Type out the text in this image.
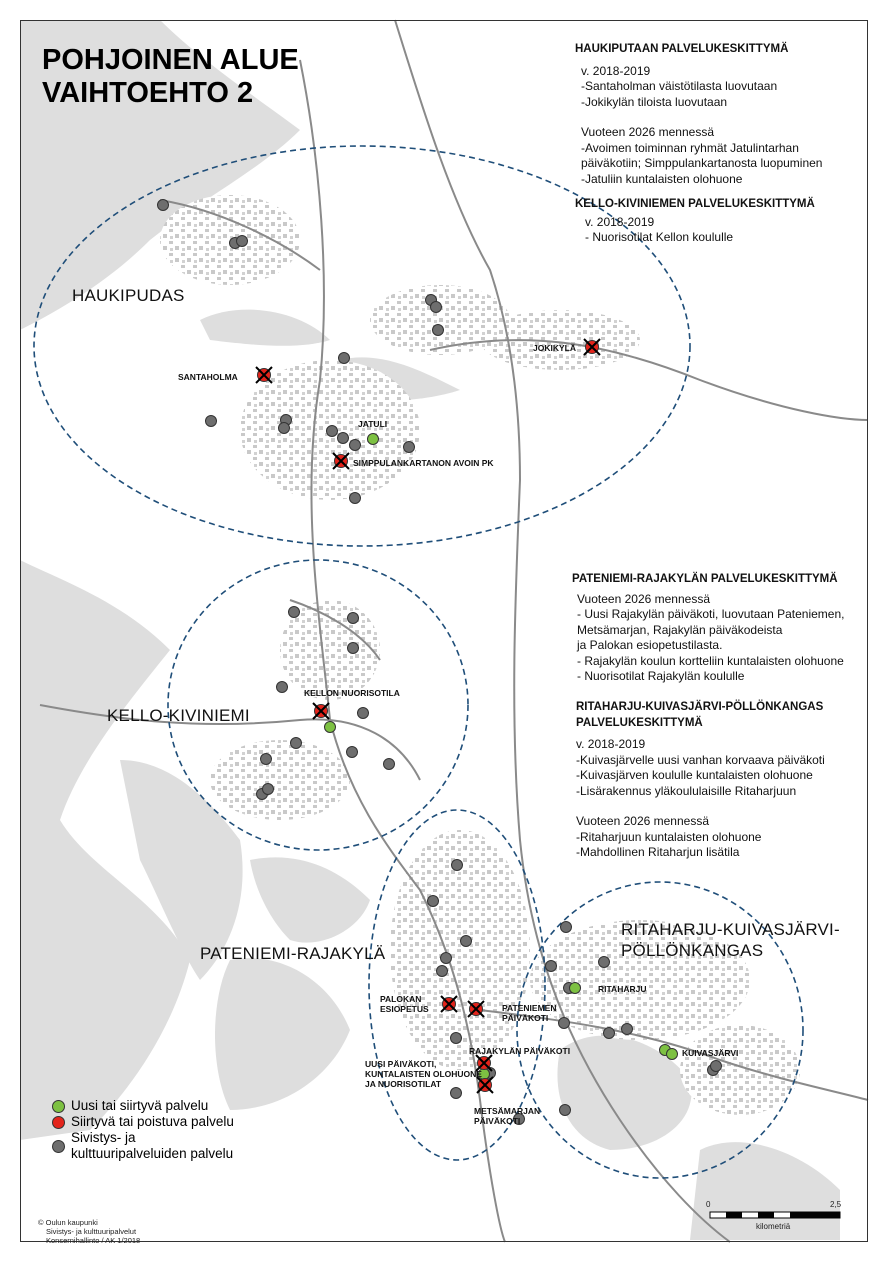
POHJOINEN ALUE
VAIHTOEHTO 2
HAUKIPUDAS
KELLO-KIVINIEMI
PATENIEMI-RAJAKYLÄ
RITAHARJU-KUIVASJÄRVI-
PÖLLÖNKANGAS
SANTAHOLMA
JOKIKYLÄ
JATULI
SIMPPULANKARTANON AVOIN PK
KELLON NUORISOTILA
PALOKAN
ESIOPETUS	PATENIEMEN
PÄIVÄKOTI
RAJAKYLÄN PÄIVÄKOTI
UUSI PÄIVÄKOTI,
KUNTALAISTEN OLOHUONE
JA NUORISOTILAT
METSÄMARJAN
PÄIVÄKOTI
RITAHARJU
KUIVASJÄRVI
HAUKIPUTAAN PALVELUKESKITTYMÄ
v. 2018-2019
-Santaholman väistötilasta luovutaan
-Jokikylän tiloista luovutaan
Vuoteen 2026 mennessä
-Avoimen toiminnan ryhmät Jatulintarhan
päiväkotiin; Simppulankartanosta luopuminen
-Jatuliin kuntalaisten olohuone
KELLO-KIVINIEMEN PALVELUKESKITTYMÄ
v. 2018-2019
- Nuorisotilat Kellon koululle
PATENIEMI-RAJAKYLÄN PALVELUKESKITTYMÄ
Vuoteen 2026 mennessä
- Uusi Rajakylän päiväkoti, luovutaan Pateniemen,
Metsämarjan, Rajakylän päiväkodeista
ja Palokan esiopetustilasta.
- Rajakylän koulun kortteliin kuntalaisten olohuone
- Nuorisotilat Rajakylän koululle
RITAHARJU-KUIVASJÄRVI-PÖLLÖNKANGAS
PALVELUKESKITTYMÄ
v. 2018-2019
-Kuivasjärvelle uusi vanhan korvaava päiväkoti
-Kuivasjärven koululle kuntalaisten olohuone
-Lisärakennus yläkoululaisille Ritaharjuun
Vuoteen 2026 mennessä
-Ritaharjuun kuntalaisten olohuone
-Mahdollinen Ritaharjun lisätila
Uusi tai siirtyvä palvelu
Siirtyvä tai poistuva palvelu
Sivistys- ja
kulttuuripalveluiden palvelu
© Oulun kaupunki
Sivistys- ja kulttuuripalvelut
Konsernihallinto / AK 1/2018
0	2,5
kilometriä
